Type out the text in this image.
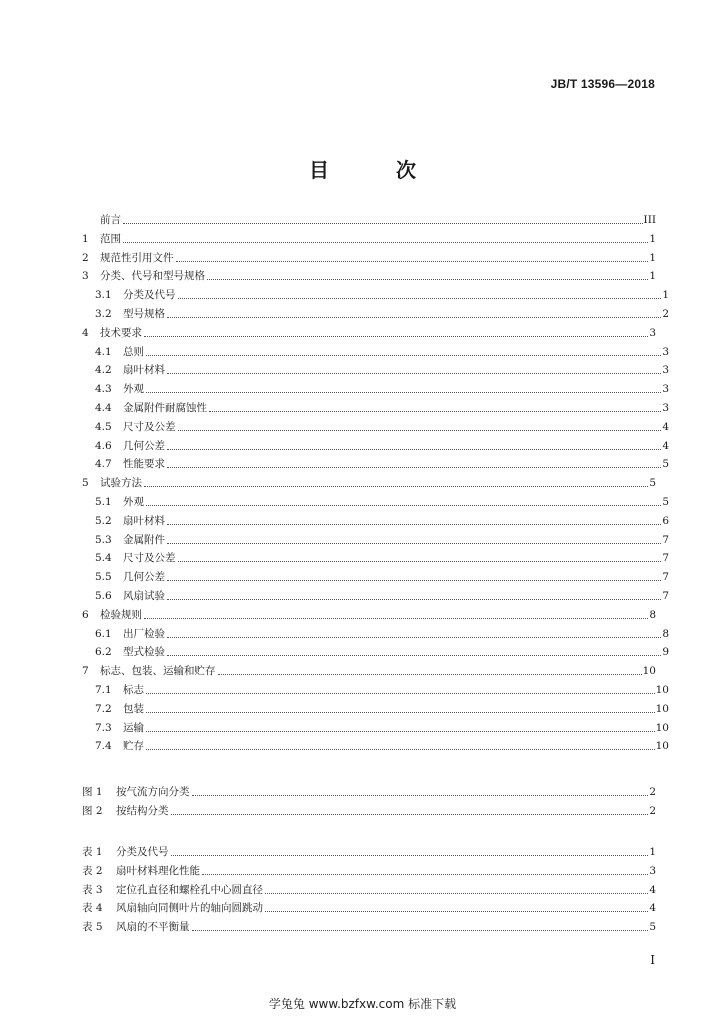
JB/T 13596—2018
目 次
前言	III
1	范围	1
2	规范性引用文件	1
3	分类、代号和型号规格	1
3.1	分类及代号	1
3.2	型号规格	2
4	技术要求	3
4.1	总则	3
4.2	扇叶材料	3
4.3	外观	3
4.4	金属附件耐腐蚀性	3
4.5	尺寸及公差	4
4.6	几何公差	4
4.7	性能要求	5
5	试验方法	5
5.1	外观	5
5.2	扇叶材料	6
5.3	金属附件	7
5.4	尺寸及公差	7
5.5	几何公差	7
5.6	风扇试验	7
6	检验规则	8
6.1	出厂检验	8
6.2	型式检验	9
7	标志、包装、运输和贮存	10
7.1	标志	10
7.2	包装	10
7.3	运输	10
7.4	贮存	10
图 1	按气流方向分类	2
图 2	按结构分类	2
表 1	分类及代号	1
表 2	扇叶材料理化性能	3
表 3	定位孔直径和螺栓孔中心圆直径	4
表 4	风扇轴向同侧叶片的轴向圆跳动	4
表 5	风扇的不平衡量	5
I
学兔兔 www.bzfxw.com 标准下载
